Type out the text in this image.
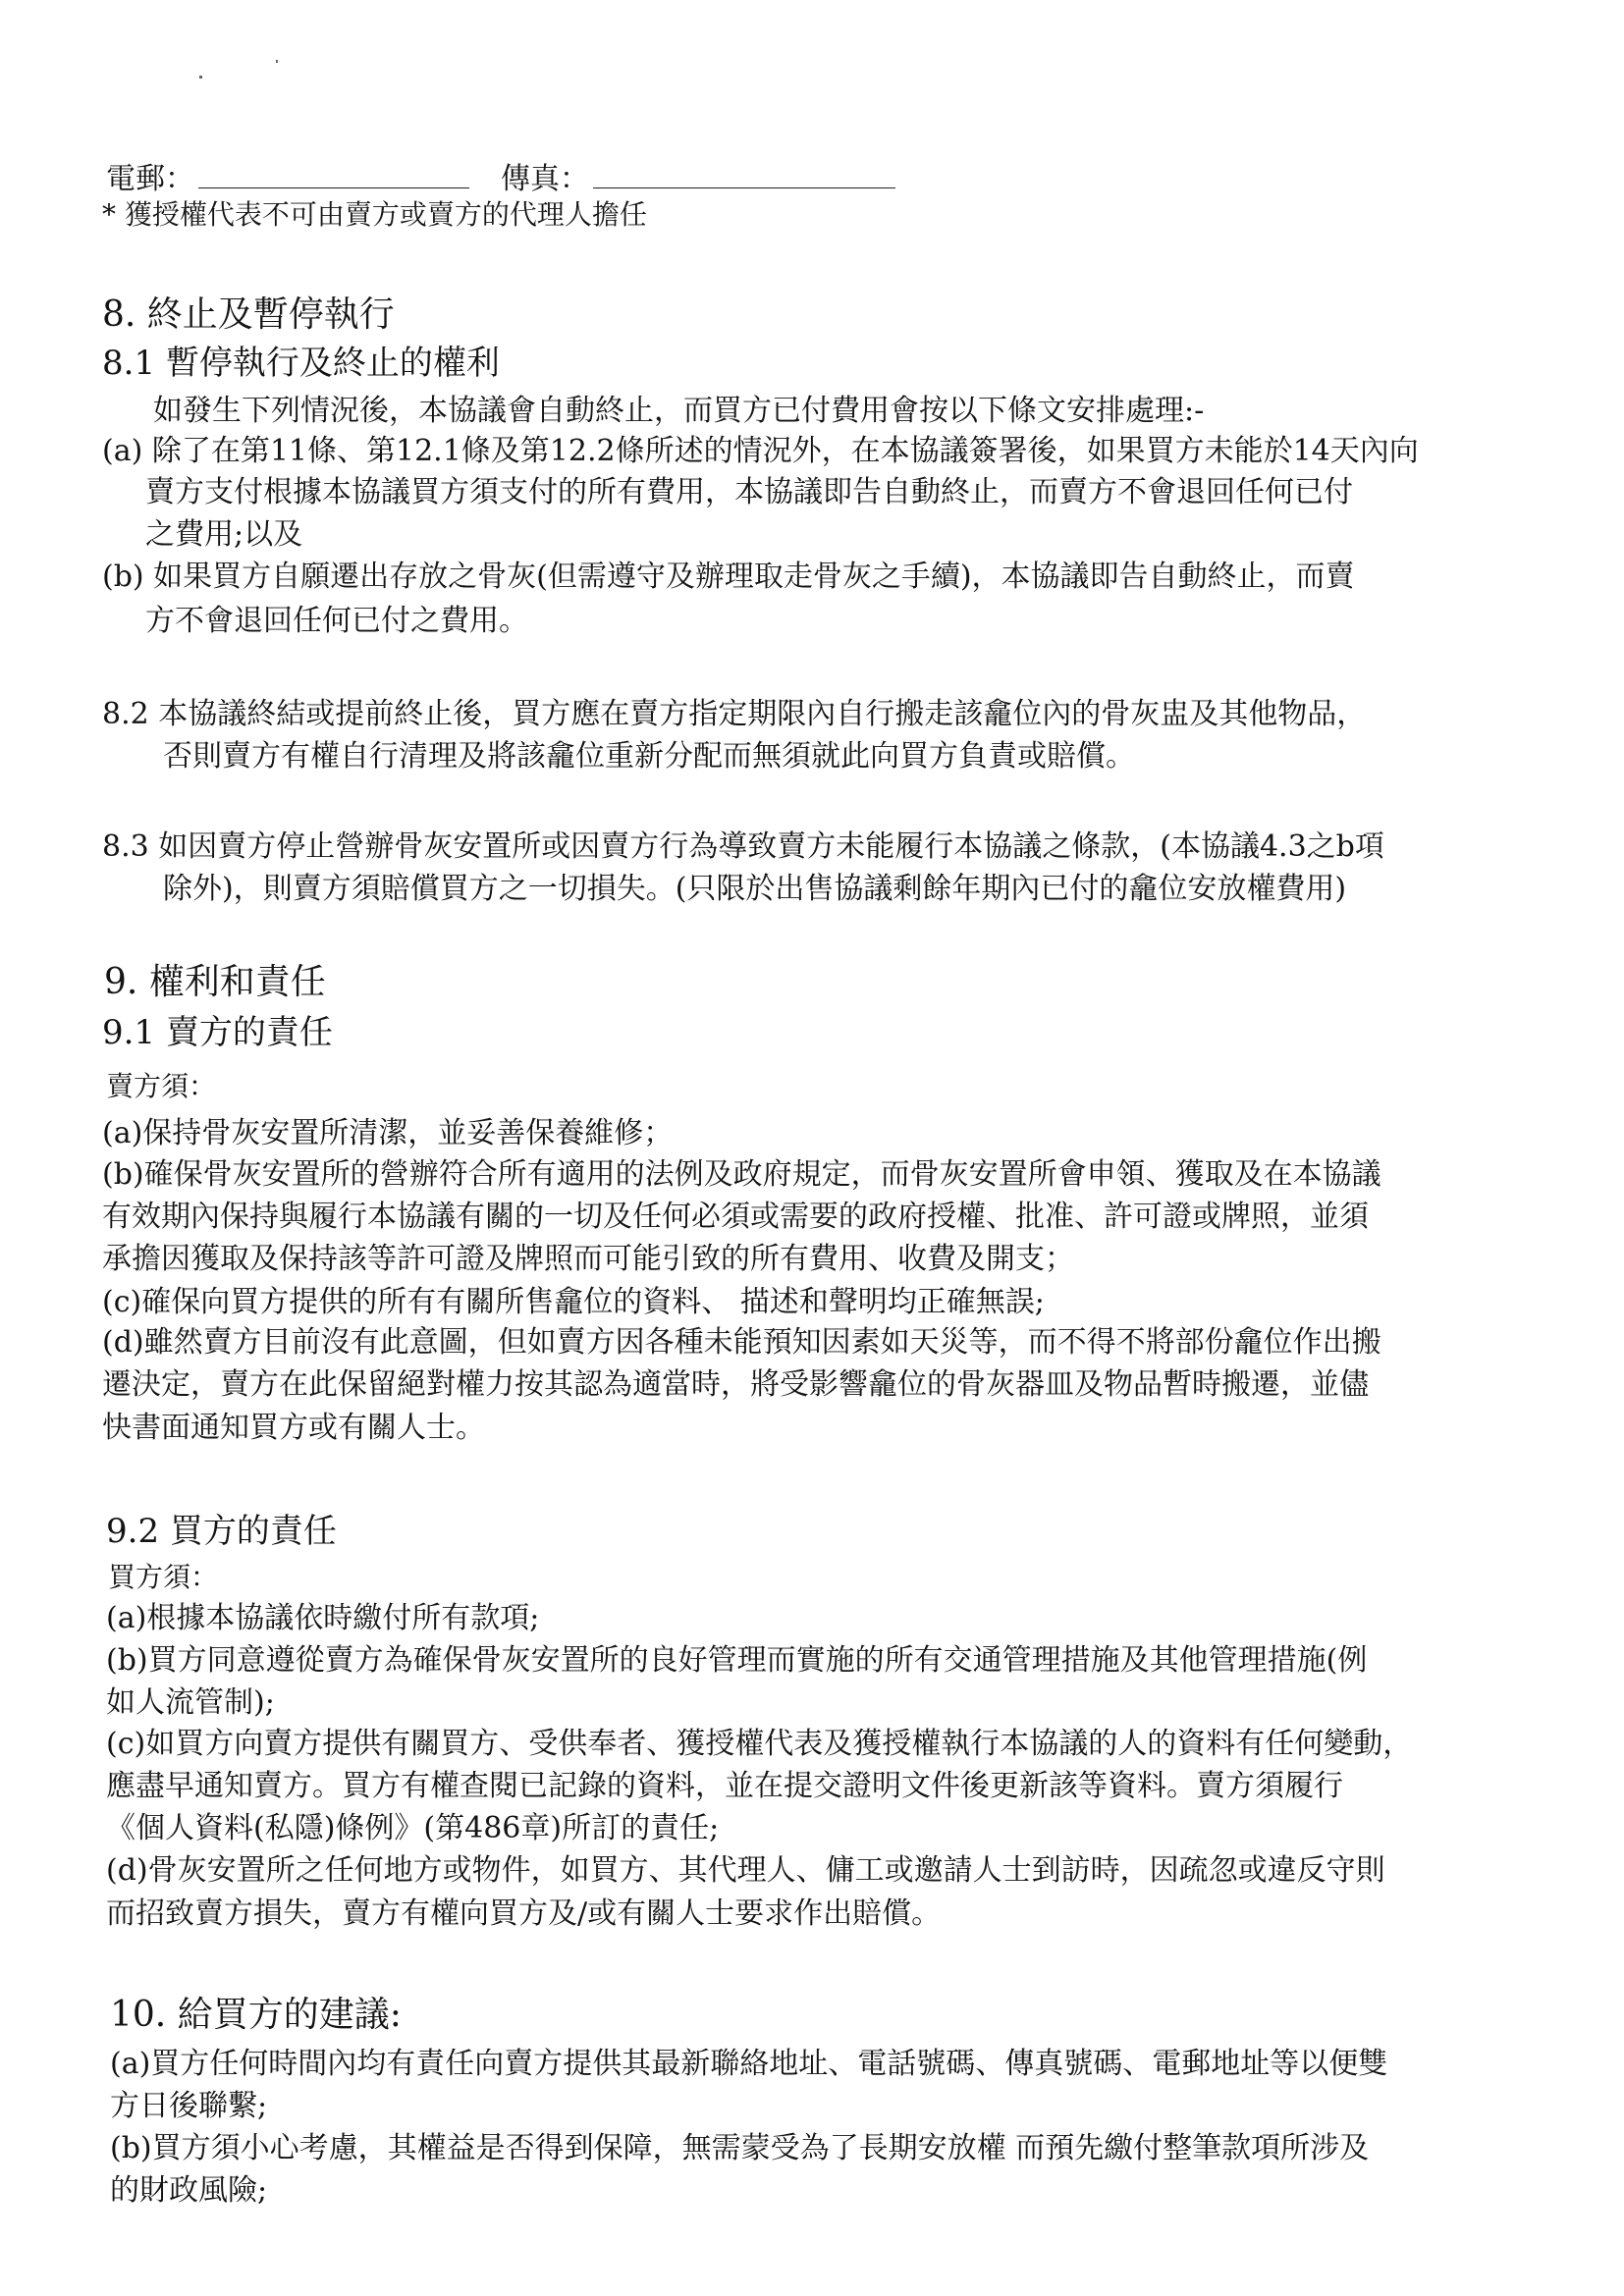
電郵：	傳真：
* 獲授權代表不可由賣方或賣方的代理人擔任
8. 終止及暫停執行
8.1 暫停執行及終止的權利
如發生下列情況後，本協議會自動終止，而買方已付費用會按以下條文安排處理:-
(a) 除了在第11條、第12.1條及第12.2條所述的情況外，在本協議簽署後，如果買方未能於14天內向
賣方支付根據本協議買方須支付的所有費用，本協議即告自動終止，而賣方不會退回任何已付
之費用;以及
(b) 如果買方自願遷出存放之骨灰(但需遵守及辦理取走骨灰之手續)，本協議即告自動終止，而賣
方不會退回任何已付之費用。
8.2 本協議終結或提前終止後，買方應在賣方指定期限內自行搬走該龕位內的骨灰盅及其他物品，
否則賣方有權自行清理及將該龕位重新分配而無須就此向買方負責或賠償。
8.3 如因賣方停止營辦骨灰安置所或因賣方行為導致賣方未能履行本協議之條款，(本協議4.3之b項
除外)，則賣方須賠償買方之一切損失。(只限於出售協議剩餘年期內已付的龕位安放權費用)
9. 權利和責任
9.1 賣方的責任
賣方須：
(a)保持骨灰安置所清潔，並妥善保養維修；
(b)確保骨灰安置所的營辦符合所有適用的法例及政府規定，而骨灰安置所會申領、獲取及在本協議
有效期內保持與履行本協議有關的一切及任何必須或需要的政府授權、批准、許可證或牌照，並須
承擔因獲取及保持該等許可證及牌照而可能引致的所有費用、收費及開支；
(c)確保向買方提供的所有有關所售龕位的資料、 描述和聲明均正確無誤;
(d)雖然賣方目前沒有此意圖，但如賣方因各種未能預知因素如天災等，而不得不將部份龕位作出搬
遷決定，賣方在此保留絕對權力按其認為適當時，將受影響龕位的骨灰器皿及物品暫時搬遷，並儘
快書面通知買方或有關人士。
9.2 買方的責任
買方須：
(a)根據本協議依時繳付所有款項;
(b)買方同意遵從賣方為確保骨灰安置所的良好管理而實施的所有交通管理措施及其他管理措施(例
如人流管制);
(c)如買方向賣方提供有關買方、受供奉者、獲授權代表及獲授權執行本協議的人的資料有任何變動，
應盡早通知賣方。買方有權查閱已記錄的資料，並在提交證明文件後更新該等資料。賣方須履行
《個人資料(私隱)條例》(第486章)所訂的責任;
(d)骨灰安置所之任何地方或物件，如買方、其代理人、傭工或邀請人士到訪時，因疏忽或違反守則
而招致賣方損失，賣方有權向買方及/或有關人士要求作出賠償。
10. 給買方的建議:
(a)買方任何時間內均有責任向賣方提供其最新聯絡地址、電話號碼、傳真號碼、電郵地址等以便雙
方日後聯繫;
(b)買方須小心考慮，其權益是否得到保障，無需蒙受為了長期安放權 而預先繳付整筆款項所涉及
的財政風險;
